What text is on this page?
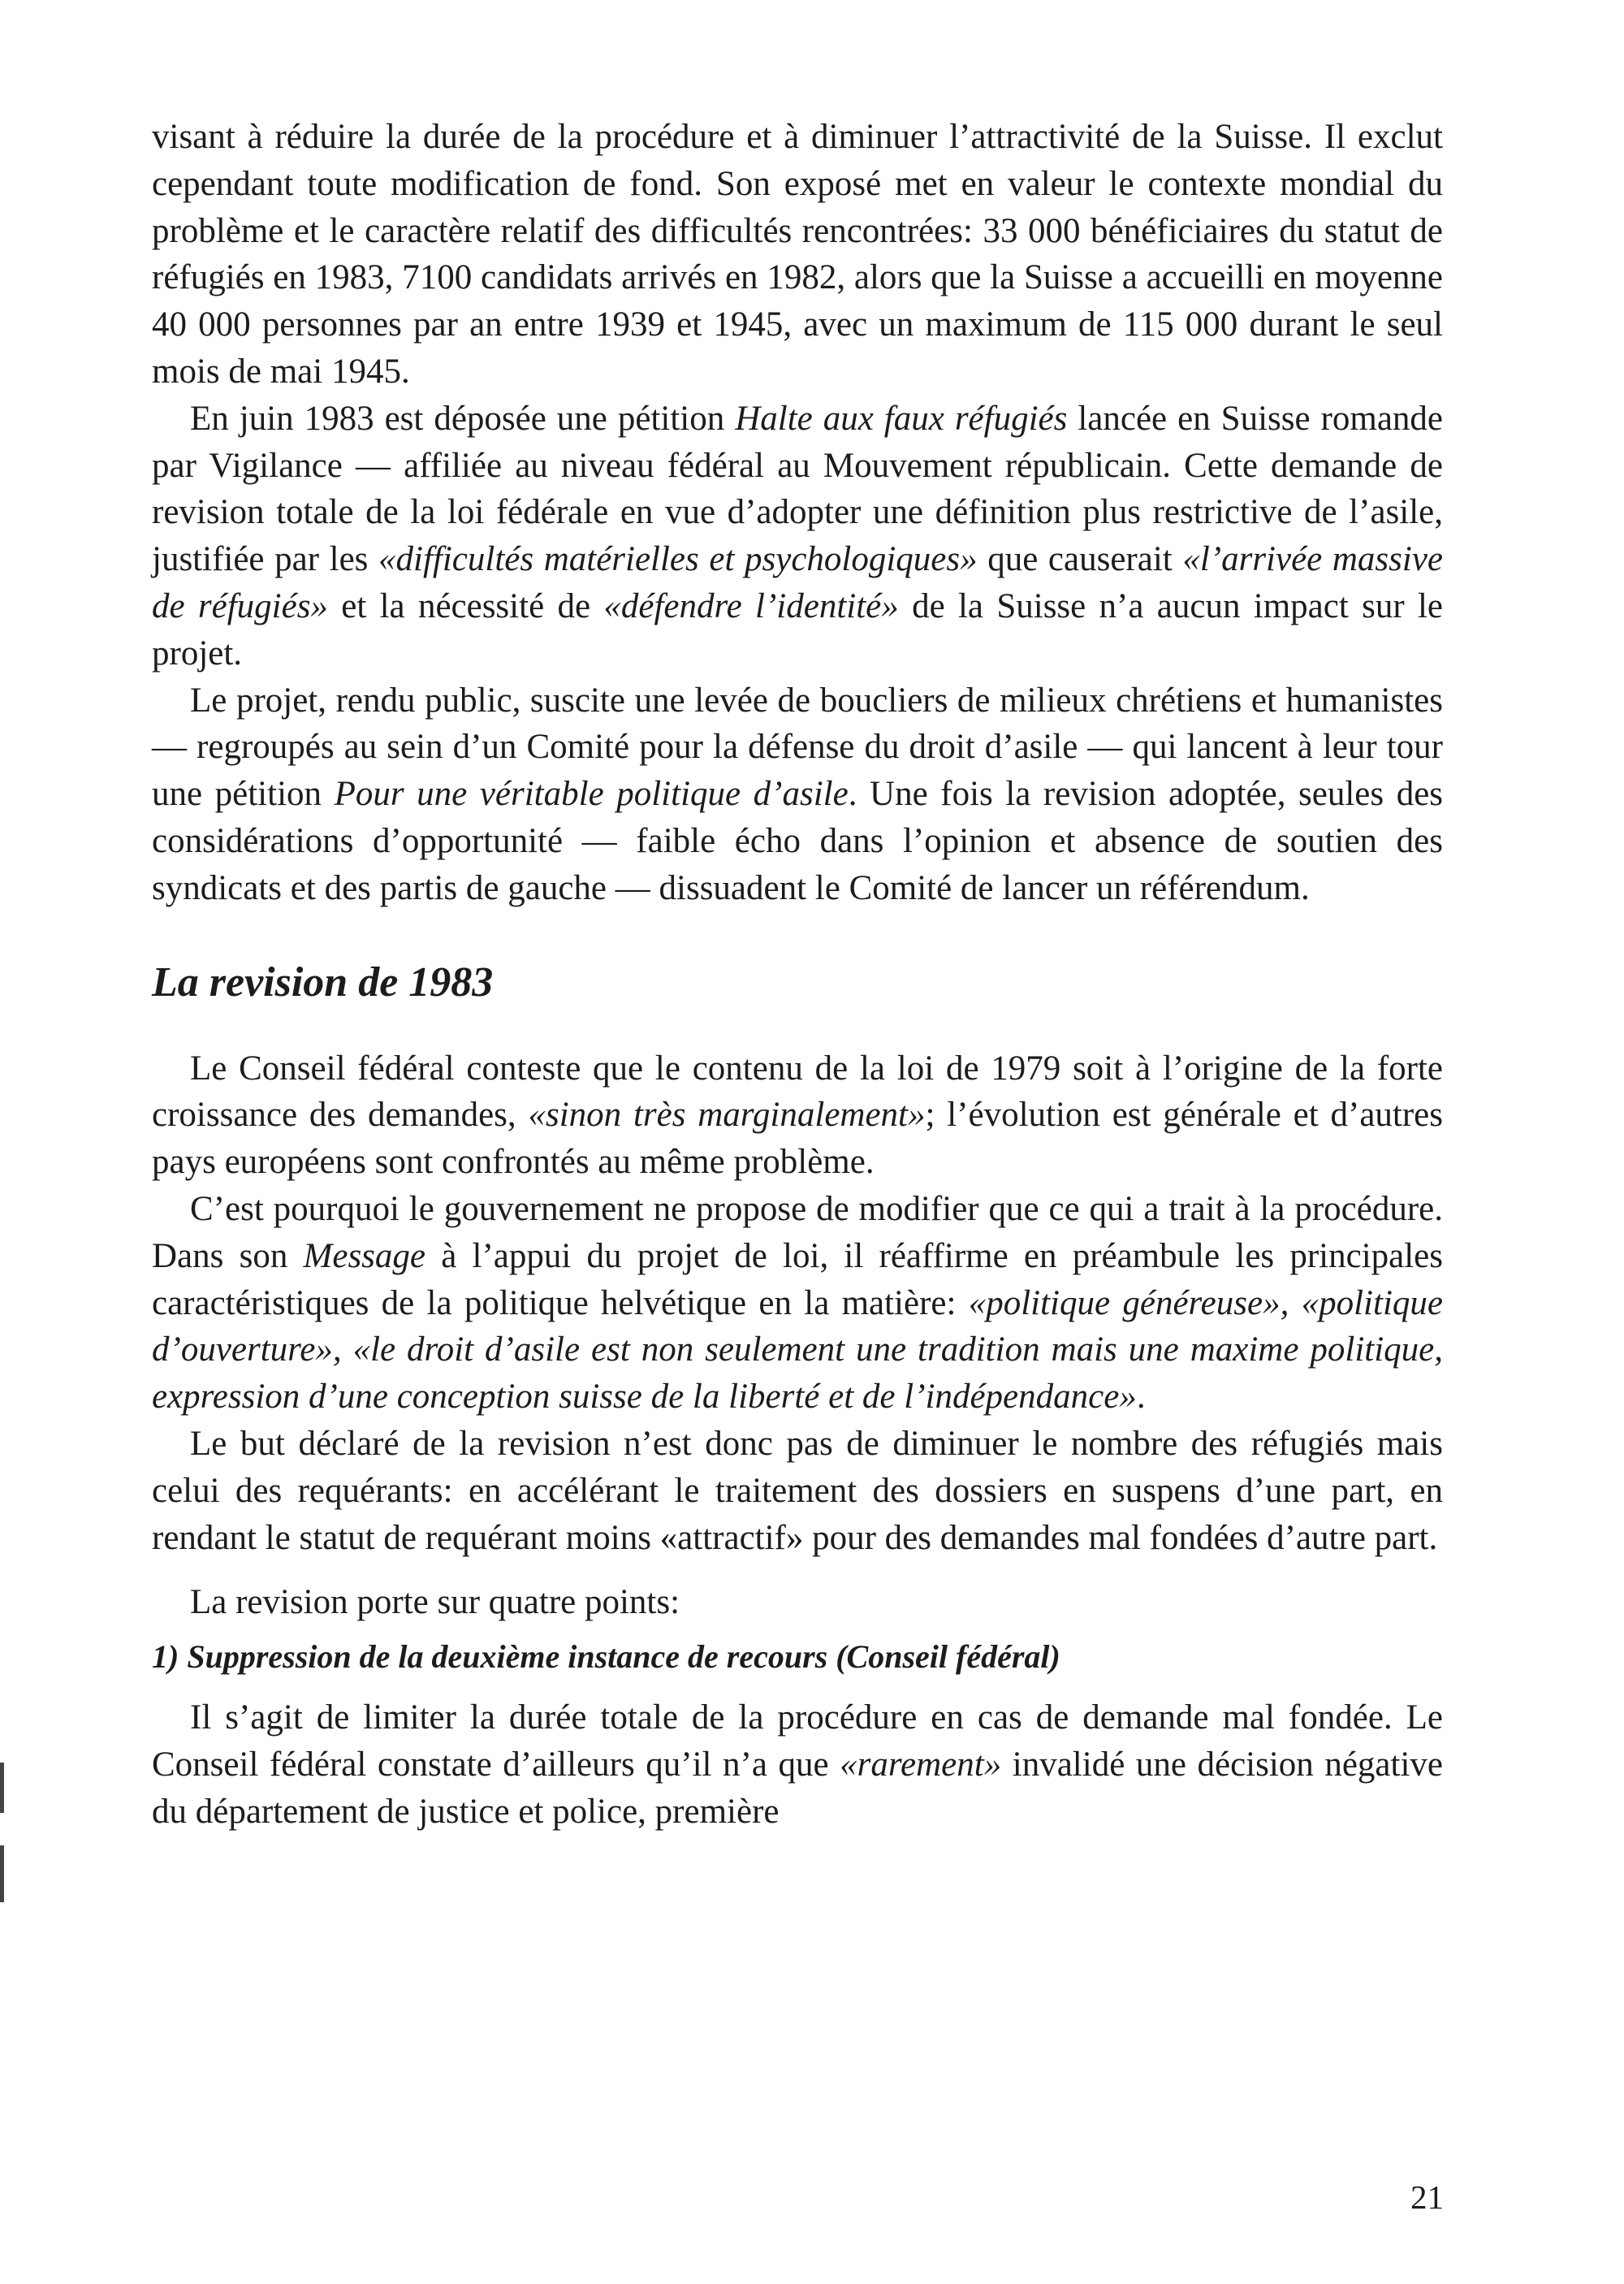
visant à réduire la durée de la procédure et à diminuer l’attractivité de la Suisse. Il exclut cependant toute modification de fond. Son exposé met en valeur le contexte mondial du problème et le caractère relatif des difficultés rencontrées: 33 000 bénéficiaires du statut de réfugiés en 1983, 7100 candidats arrivés en 1982, alors que la Suisse a accueilli en moyenne 40 000 personnes par an entre 1939 et 1945, avec un maximum de 115 000 durant le seul mois de mai 1945.

En juin 1983 est déposée une pétition Halte aux faux réfugiés lancée en Suisse romande par Vigilance — affiliée au niveau fédéral au Mouvement républicain. Cette demande de revision totale de la loi fédérale en vue d’adopter une définition plus restrictive de l’asile, justifiée par les «difficultés matérielles et psychologiques» que causerait «l’arrivée massive de réfugiés» et la nécessité de «défendre l’identité» de la Suisse n’a aucun impact sur le projet.

Le projet, rendu public, suscite une levée de boucliers de milieux chrétiens et humanistes — regroupés au sein d’un Comité pour la défense du droit d’asile — qui lancent à leur tour une pétition Pour une véritable politique d’asile. Une fois la revision adoptée, seules des considérations d’opportunité — faible écho dans l’opinion et absence de soutien des syndicats et des partis de gauche — dissuadent le Comité de lancer un référendum.

La revision de 1983

Le Conseil fédéral conteste que le contenu de la loi de 1979 soit à l’origine de la forte croissance des demandes, «sinon très marginalement»; l’évolution est générale et d’autres pays européens sont confrontés au même problème.

C’est pourquoi le gouvernement ne propose de modifier que ce qui a trait à la procédure. Dans son Message à l’appui du projet de loi, il réaffirme en préambule les principales caractéristiques de la politique helvétique en la matière: «politique généreuse», «politique d’ouverture», «le droit d’asile est non seulement une tradition mais une maxime politique, expression d’une conception suisse de la liberté et de l’indépendance».

Le but déclaré de la revision n’est donc pas de diminuer le nombre des réfugiés mais celui des requérants: en accélérant le traitement des dossiers en suspens d’une part, en rendant le statut de requérant moins «attractif» pour des demandes mal fondées d’autre part.

La revision porte sur quatre points:

1) Suppression de la deuxième instance de recours (Conseil fédéral)

Il s’agit de limiter la durée totale de la procédure en cas de demande mal fondée. Le Conseil fédéral constate d’ailleurs qu’il n’a que «rarement» invalidé une décision négative du département de justice et police, première

21
